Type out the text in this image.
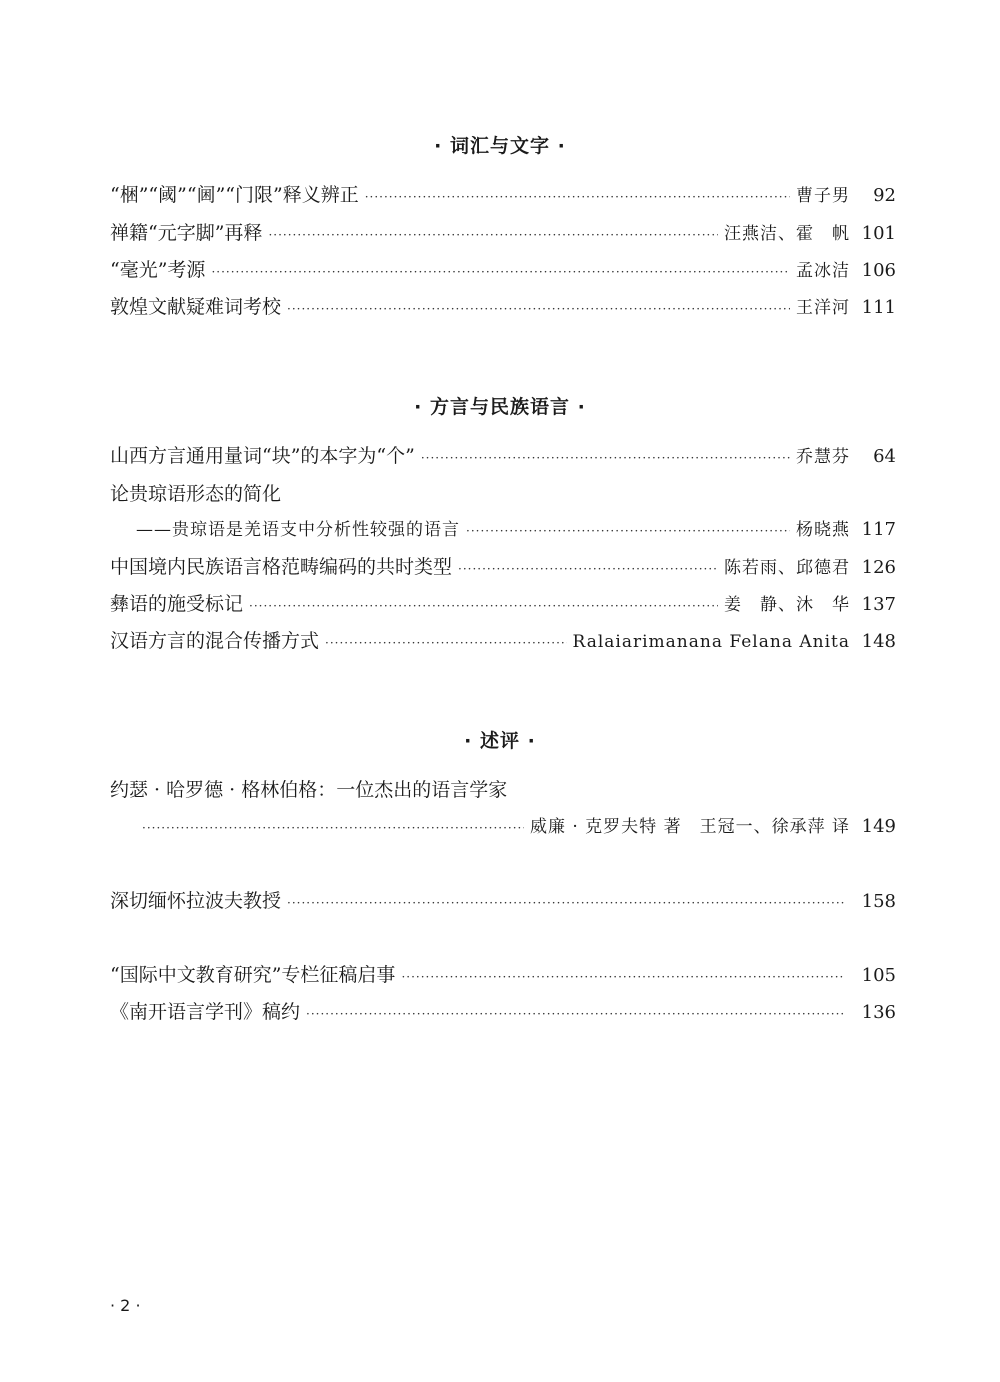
· 词汇与文字 ·
“梱”“阈”“阃”“门限”释义辨正 ·····	曹子男	92
禅籍“元字脚”再释 ·····	汪燕洁、霍　帆 101
“毫光”考源 ·····	孟冰洁 106
敦煌文献疑难词考校 ·····	王洋河 111
· 方言与民族语言 ·
山西方言通用量词“块”的本字为“个” ·····	乔慧芬	64
论贵琼语形态的简化
——贵琼语是羌语支中分析性较强的语言 ·····	杨晓燕 117
中国境内民族语言格范畴编码的共时类型 ·····	陈若雨、邱德君 126
彝语的施受标记 ·····	姜　静、沐　华 137
汉语方言的混合传播方式 ·····	Ralaiarimanana Felana Anita 148
· 述评 ·
约瑟 · 哈罗德 · 格林伯格：一位杰出的语言学家
·····
威廉 · 克罗夫特 著　王冠一、徐承萍 译 149
深切缅怀拉波夫教授 ·····	158
“国际中文教育研究”专栏征稿启事 ·····	105
《南开语言学刊》稿约 ·····	136
· 2 ·
